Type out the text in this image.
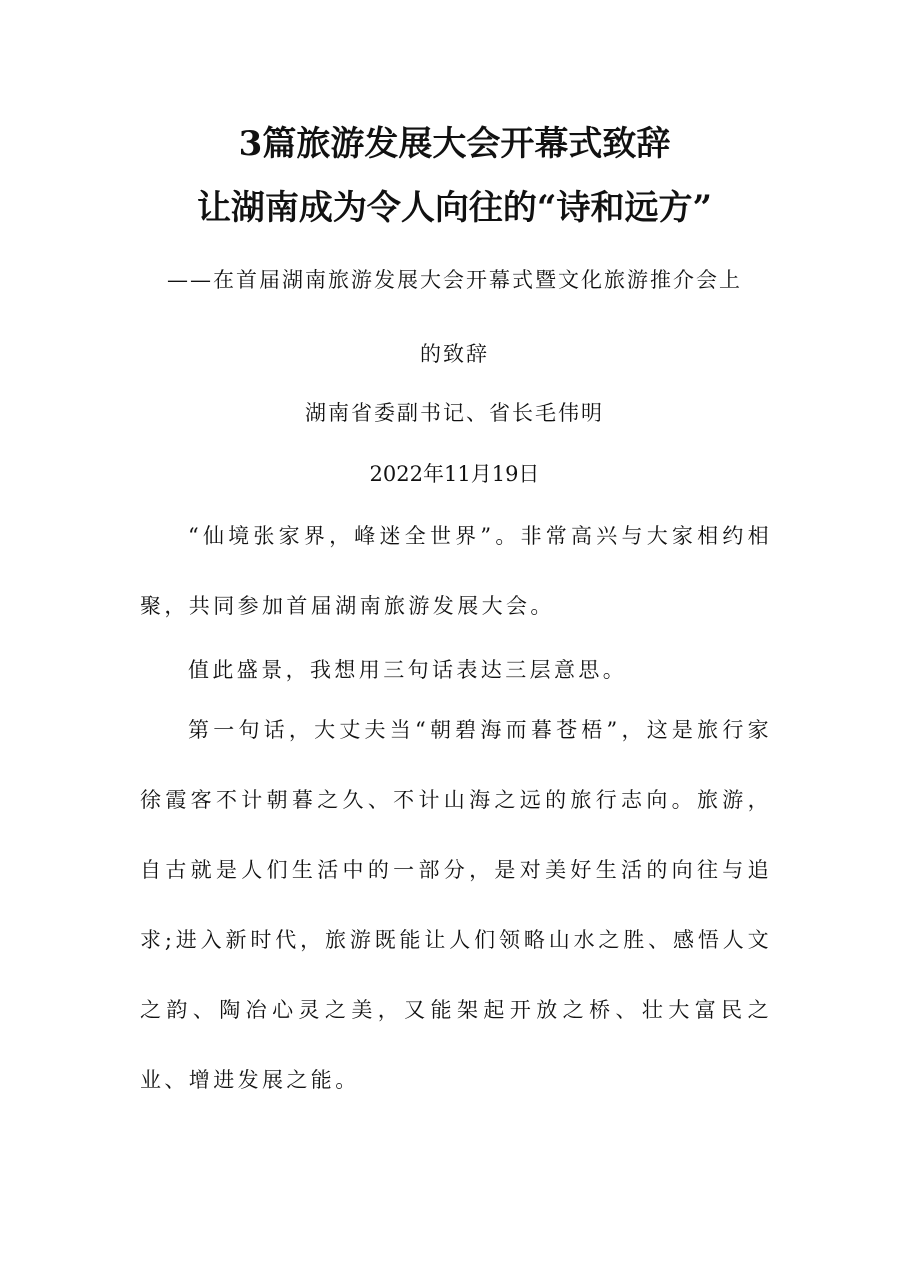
3篇旅游发展大会开幕式致辞
让湖南成为令人向往的“诗和远方”
——在首届湖南旅游发展大会开幕式暨文化旅游推介会上
的致辞
湖南省委副书记、省长毛伟明
2022年11月19日
“仙境张家界，峰迷全世界”。非常高兴与大家相约相聚，共同参加首届湖南旅游发展大会。
值此盛景，我想用三句话表达三层意思。
第一句话，大丈夫当“朝碧海而暮苍梧”，这是旅行家徐霞客不计朝暮之久、不计山海之远的旅行志向。旅游，自古就是人们生活中的一部分，是对美好生活的向往与追求;进入新时代，旅游既能让人们领略山水之胜、感悟人文之韵、陶冶心灵之美，又能架起开放之桥、壮大富民之业、增进发展之能。
